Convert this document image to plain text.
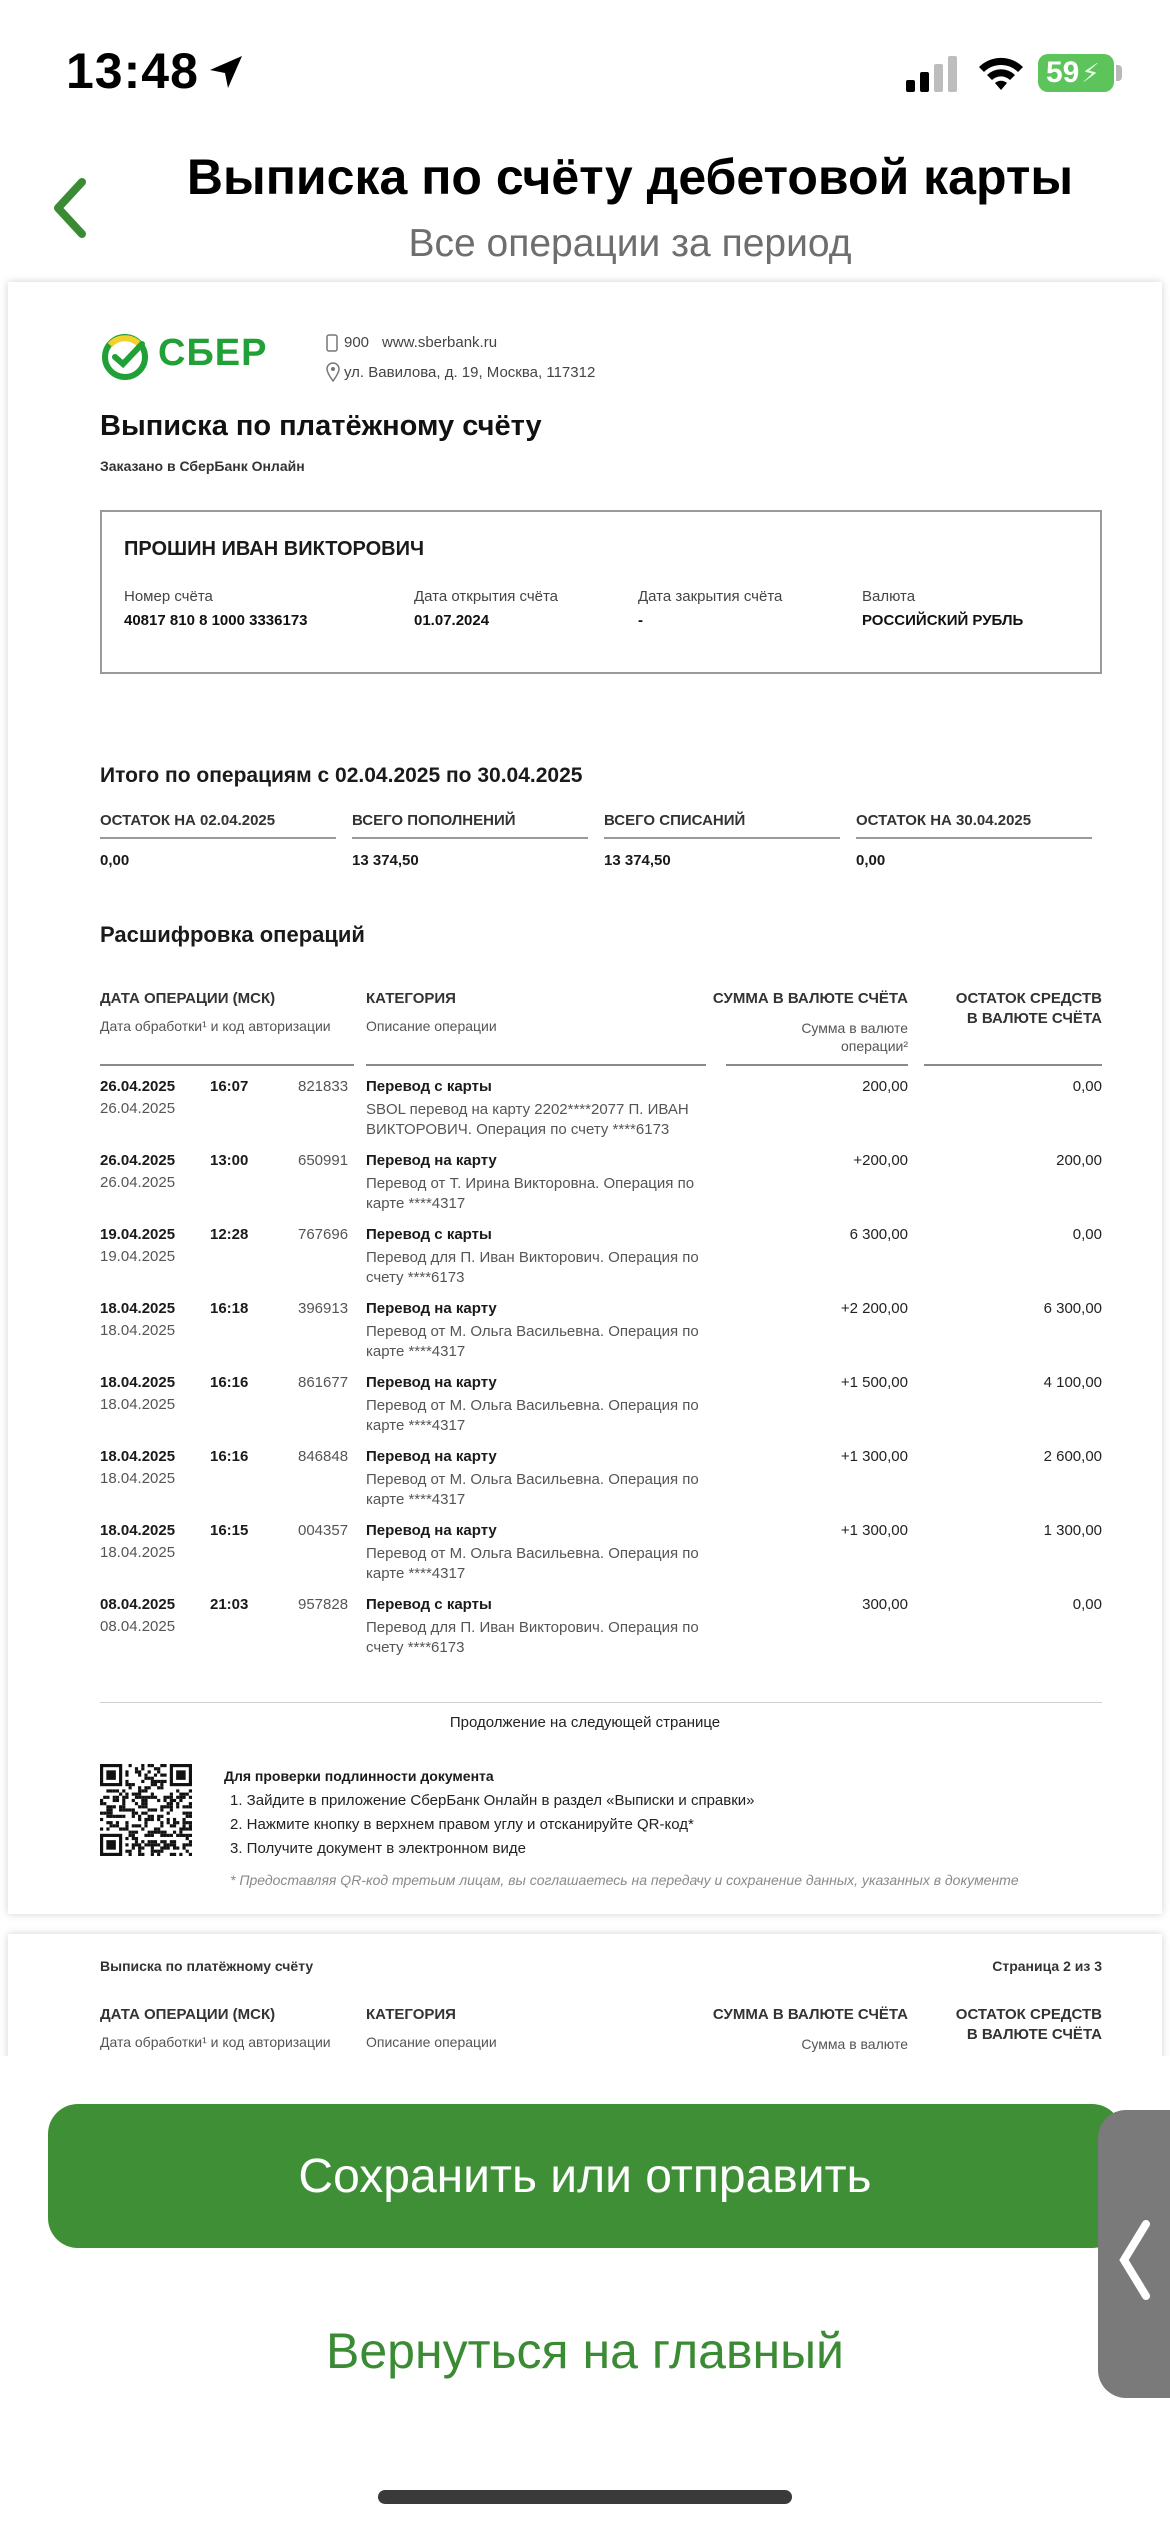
13:48	59 ⚡
Выписка по счёту дебетовой карты
Все операции за период
СБЕР	900 www.sberbank.ru
ул. Вавилова, д. 19, Москва, 117312
Выписка по платёжному счёту
Заказано в СберБанк Онлайн
ПРОШИН ИВАН ВИКТОРОВИЧ
Номер счёта
40817 810 8 1000 3336173
Дата открытия счёта
01.07.2024
Дата закрытия счёта
-
Валюта
РОССИЙСКИЙ РУБЛЬ
Итого по операциям с 02.04.2025 по 30.04.2025
ОСТАТОК НА 02.04.2025
0,00
ВСЕГО ПОПОЛНЕНИЙ
13 374,50
ВСЕГО СПИСАНИЙ
13 374,50
ОСТАТОК НА 30.04.2025
0,00
Расшифровка операций
ДАТА ОПЕРАЦИИ (МСК)
Дата обработки¹ и код авторизации
КАТЕГОРИЯ
Описание операции
СУММА В ВАЛЮТЕ СЧЁТА
Сумма в валюте
операции²
ОСТАТОК СРЕДСТВ
В ВАЛЮТЕ СЧЁТА
26.04.2025
26.04.2025
16:07	821833 Перевод с карты
SBOL перевод на карту 2202****2077 П. ИВАН ВИКТОРОВИЧ. Операция по счету ****6173
200,00	0,00
26.04.2025
26.04.2025
13:00	650991 Перевод на карту
Перевод от Т. Ирина Викторовна. Операция по карте ****4317
+200,00	200,00
19.04.2025
19.04.2025
12:28	767696 Перевод с карты
Перевод для П. Иван Викторович. Операция по счету ****6173
6 300,00	0,00
18.04.2025
18.04.2025
16:18	396913 Перевод на карту
Перевод от М. Ольга Васильевна. Операция по карте ****4317
+2 200,00	6 300,00
18.04.2025
18.04.2025
16:16	861677 Перевод на карту
Перевод от М. Ольга Васильевна. Операция по карте ****4317
+1 500,00	4 100,00
18.04.2025
18.04.2025
16:16	846848 Перевод на карту
Перевод от М. Ольга Васильевна. Операция по карте ****4317
+1 300,00	2 600,00
18.04.2025
18.04.2025
16:15	004357 Перевод на карту
Перевод от М. Ольга Васильевна. Операция по карте ****4317
+1 300,00	1 300,00
08.04.2025
08.04.2025
21:03	957828 Перевод с карты
Перевод для П. Иван Викторович. Операция по счету ****6173
300,00	0,00
Продолжение на следующей странице
Для проверки подлинности документа
1. Зайдите в приложение СберБанк Онлайн в раздел «Выписки и справки»
2. Нажмите кнопку в верхнем правом углу и отсканируйте QR-код*
3. Получите документ в электронном виде
* Предоставляя QR-код третьим лицам, вы соглашаетесь на передачу и сохранение данных, указанных в документе
Выписка по платёжному счёту	Страница 2 из 3
ДАТА ОПЕРАЦИИ (МСК)
Дата обработки¹ и код авторизации
КАТЕГОРИЯ
Описание операции
СУММА В ВАЛЮТЕ СЧЁТА
Сумма в валюте
ОСТАТОК СРЕДСТВ
В ВАЛЮТЕ СЧЁТА
Сохранить или отправить
Вернуться на главный
